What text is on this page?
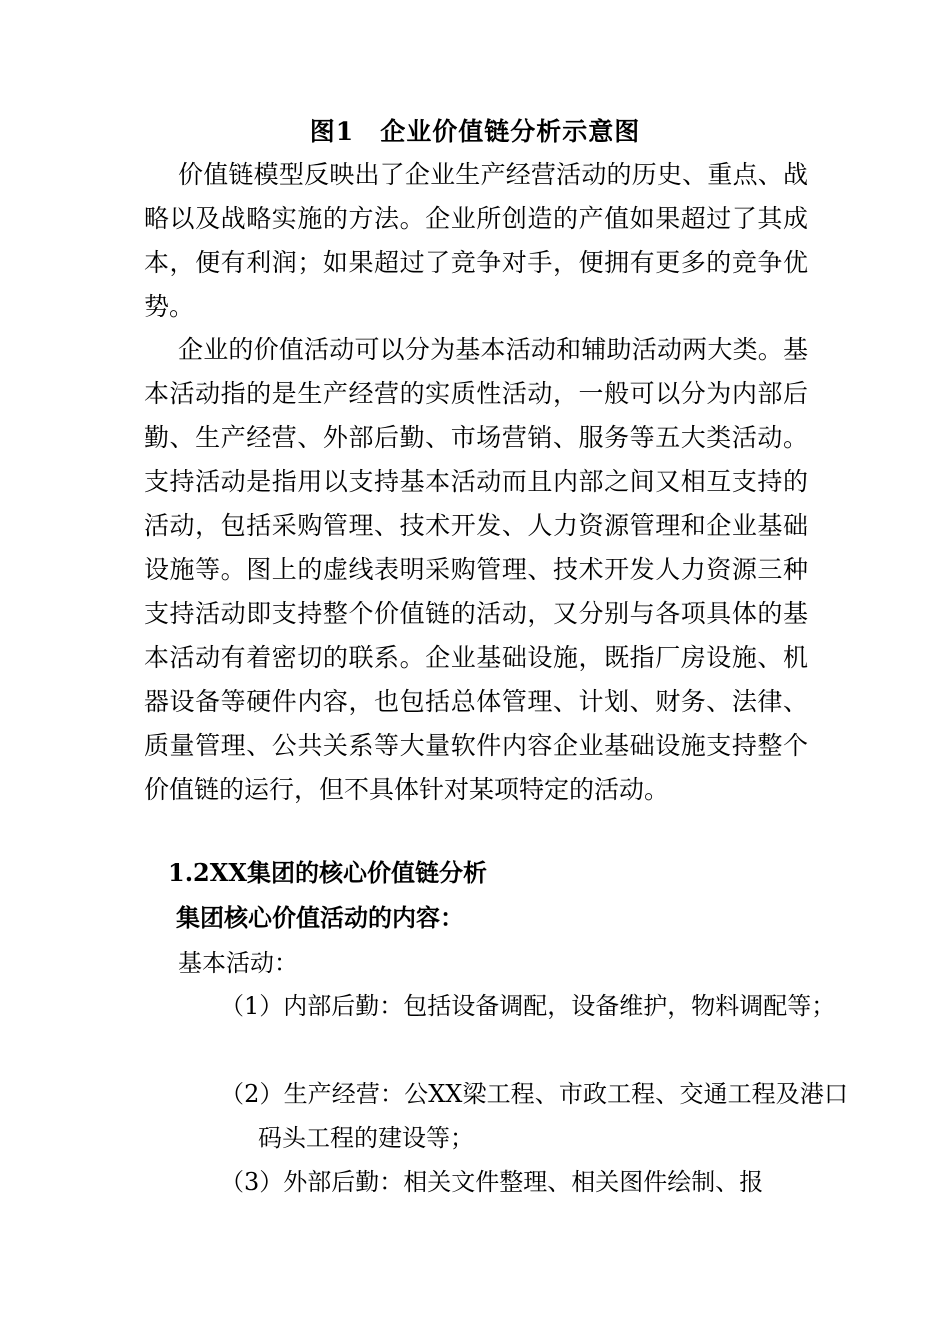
图1　企业价值链分析示意图

价值链模型反映出了企业生产经营活动的历史、重点、战略以及战略实施的方法。企业所创造的产值如果超过了其成本，便有利润；如果超过了竞争对手，便拥有更多的竞争优势。

企业的价值活动可以分为基本活动和辅助活动两大类。基本活动指的是生产经营的实质性活动，一般可以分为内部后勤、生产经营、外部后勤、市场营销、服务等五大类活动。支持活动是指用以支持基本活动而且内部之间又相互支持的活动，包括采购管理、技术开发、人力资源管理和企业基础设施等。图上的虚线表明采购管理、技术开发人力资源三种支持活动即支持整个价值链的活动，又分别与各项具体的基本活动有着密切的联系。企业基础设施，既指厂房设施、机器设备等硬件内容，也包括总体管理、计划、财务、法律、质量管理、公共关系等大量软件内容企业基础设施支持整个价值链的运行，但不具体针对某项特定的活动。

1.2XX集团的核心价值链分析
集团核心价值活动的内容：
基本活动：
（1）内部后勤：包括设备调配，设备维护，物料调配等；
（2）生产经营：公XX梁工程、市政工程、交通工程及港口码头工程的建设等；
（3）外部后勤：相关文件整理、相关图件绘制、报
